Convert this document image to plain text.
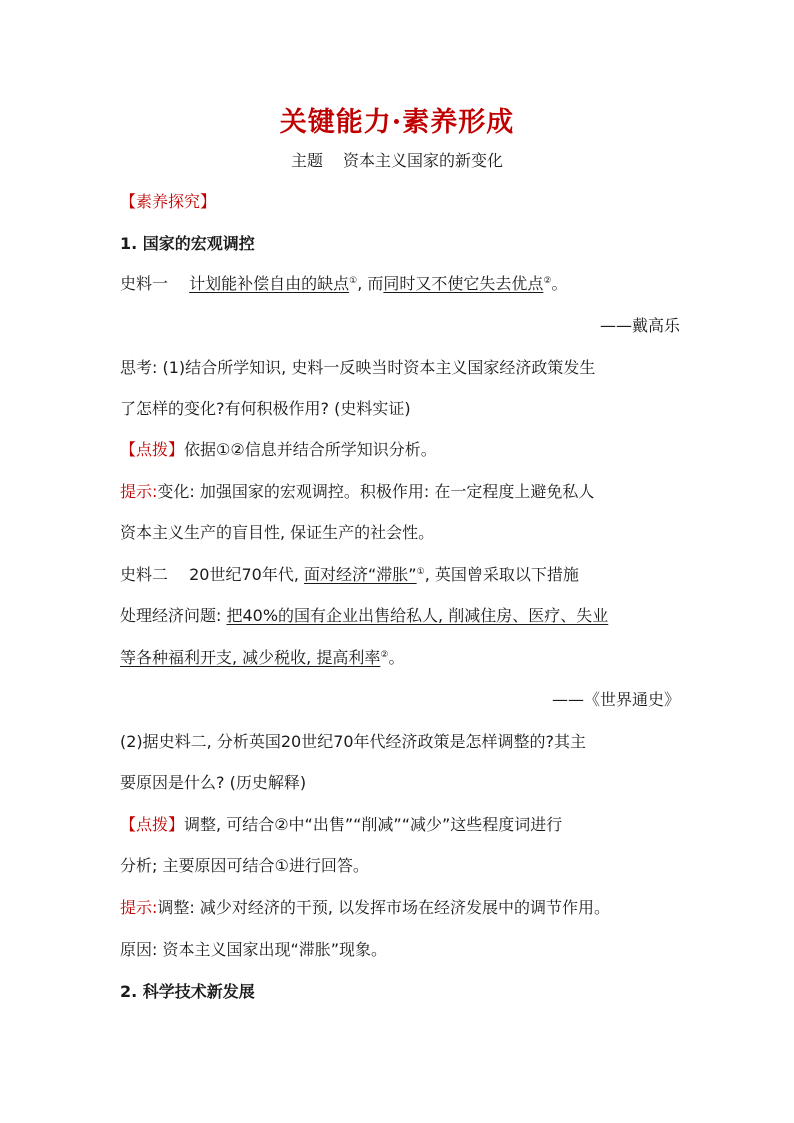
关键能力·素养形成
主题 资本主义国家的新变化
【素养探究】
1. 国家的宏观调控
史料一 计划能补偿自由的缺点①, 而同时又不使它失去优点②。
——戴高乐
思考: (1)结合所学知识, 史料一反映当时资本主义国家经济政策发生
了怎样的变化?有何积极作用? (史料实证)
【点拨】依据①②信息并结合所学知识分析。
提示:变化: 加强国家的宏观调控。积极作用: 在一定程度上避免私人
资本主义生产的盲目性, 保证生产的社会性。
史料二 20世纪70年代, 面对经济“滞胀”①, 英国曾采取以下措施
处理经济问题: 把40%的国有企业出售给私人, 削减住房、医疗、失业
等各种福利开支, 减少税收, 提高利率②。
——《世界通史》
(2)据史料二, 分析英国20世纪70年代经济政策是怎样调整的?其主
要原因是什么? (历史解释)
【点拨】调整, 可结合②中“出售”“削减”“减少”这些程度词进行
分析; 主要原因可结合①进行回答。
提示:调整: 减少对经济的干预, 以发挥市场在经济发展中的调节作用。
原因: 资本主义国家出现“滞胀”现象。
2. 科学技术新发展
